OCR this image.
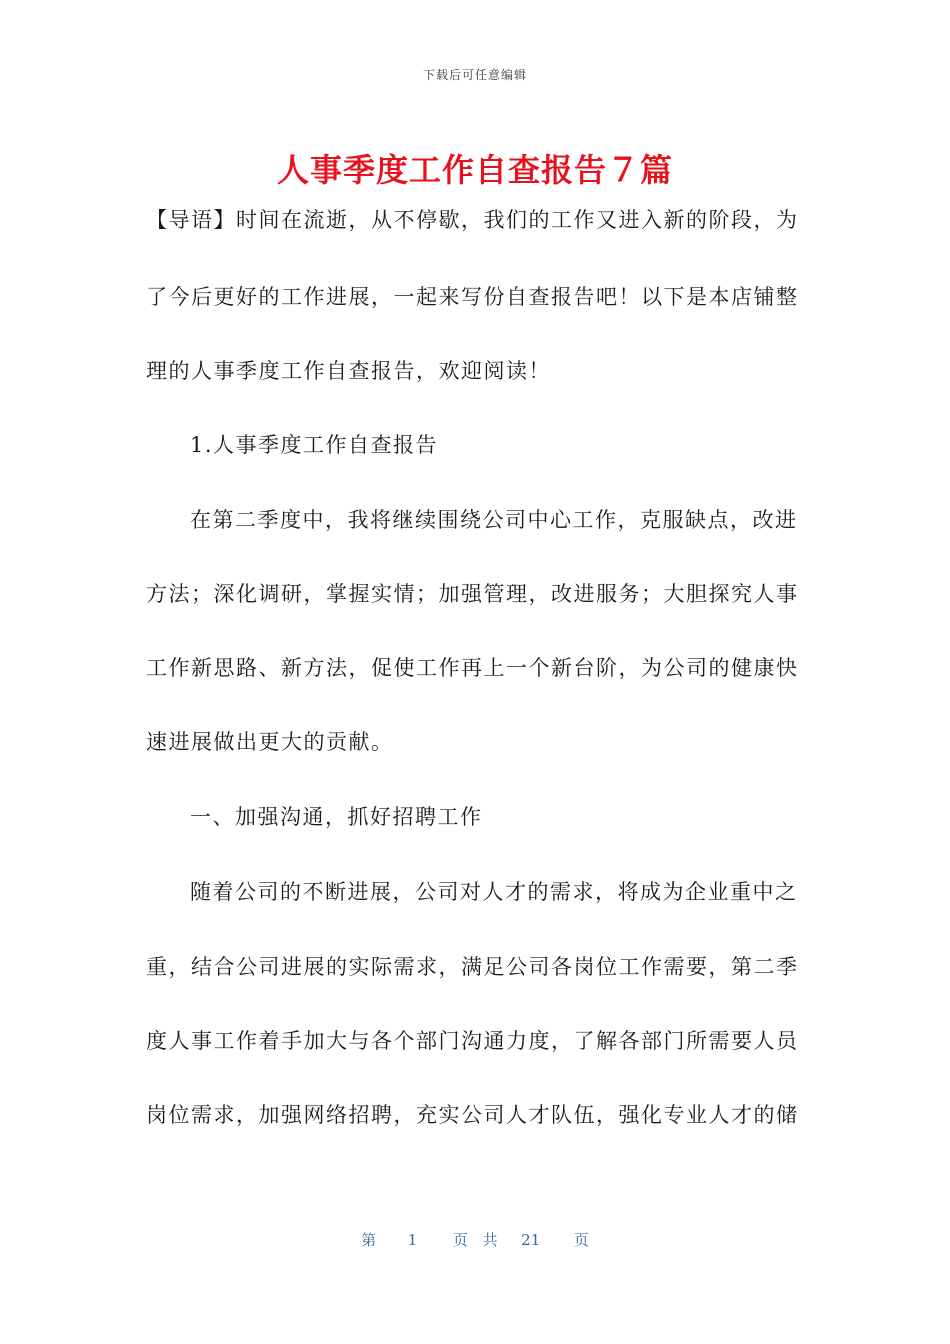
下载后可任意编辑
人事季度工作自查报告７篇
【导语】时间在流逝，从不停歇，我们的工作又进入新的阶段，为
了今后更好的工作进展，一起来写份自查报告吧！以下是本店铺整
理的人事季度工作自查报告，欢迎阅读！
1.人事季度工作自查报告
在第二季度中，我将继续围绕公司中心工作，克服缺点，改进
方法；深化调研，掌握实情；加强管理，改进服务；大胆探究人事
工作新思路、新方法，促使工作再上一个新台阶，为公司的健康快
速进展做出更大的贡献。
一、加强沟通，抓好招聘工作
随着公司的不断进展，公司对人才的需求，将成为企业重中之
重，结合公司进展的实际需求，满足公司各岗位工作需要，第二季
度人事工作着手加大与各个部门沟通力度，了解各部门所需要人员
岗位需求，加强网络招聘，充实公司人才队伍，强化专业人才的储
第 1 页 共 21 页
